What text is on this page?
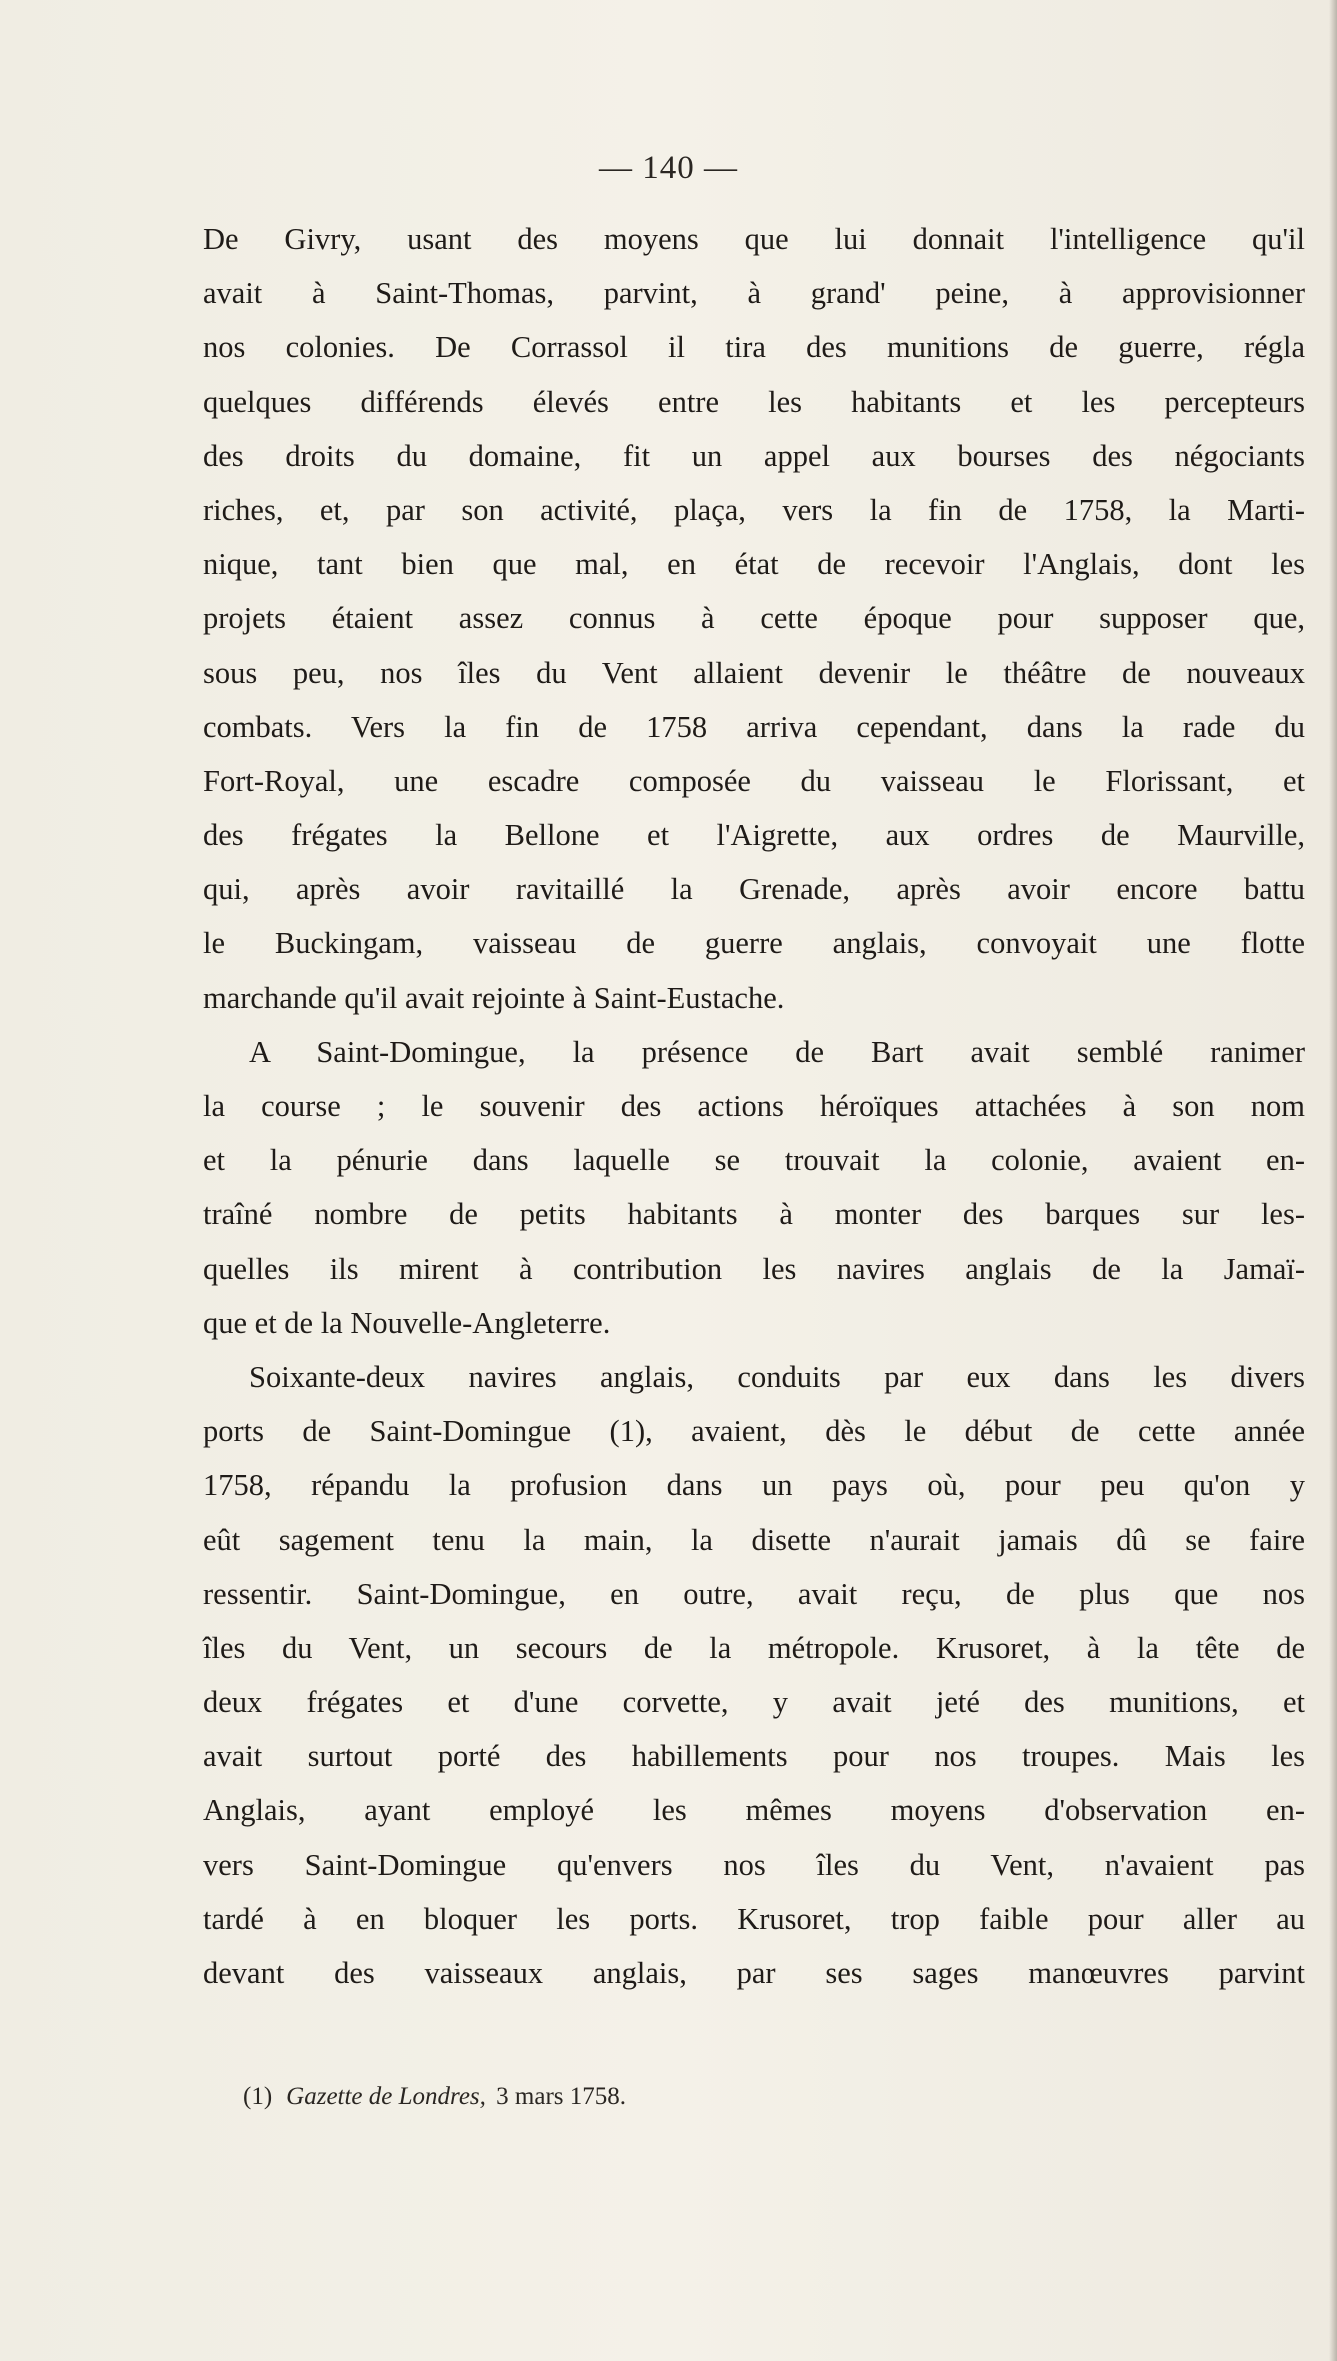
— 140 —
De Givry, usant des moyens que lui donnait l'intelligence qu'il
avait à Saint-Thomas, parvint, à grand' peine, à approvisionner
nos colonies. De Corrassol il tira des munitions de guerre, régla
quelques différends élevés entre les habitants et les percepteurs
des droits du domaine, fit un appel aux bourses des négociants
riches, et, par son activité, plaça, vers la fin de 1758, la Marti-
nique, tant bien que mal, en état de recevoir l'Anglais, dont les
projets étaient assez connus à cette époque pour supposer que,
sous peu, nos îles du Vent allaient devenir le théâtre de nouveaux
combats. Vers la fin de 1758 arriva cependant, dans la rade du
Fort-Royal, une escadre composée du vaisseau le Florissant, et
des frégates la Bellone et l'Aigrette, aux ordres de Maurville,
qui, après avoir ravitaillé la Grenade, après avoir encore battu
le Buckingam, vaisseau de guerre anglais, convoyait une flotte
marchande qu'il avait rejointe à Saint-Eustache.
A Saint-Domingue, la présence de Bart avait semblé ranimer
la course ; le souvenir des actions héroïques attachées à son nom
et la pénurie dans laquelle se trouvait la colonie, avaient en-
traîné nombre de petits habitants à monter des barques sur les-
quelles ils mirent à contribution les navires anglais de la Jamaï-
que et de la Nouvelle-Angleterre.
Soixante-deux navires anglais, conduits par eux dans les divers
ports de Saint-Domingue (1), avaient, dès le début de cette année
1758, répandu la profusion dans un pays où, pour peu qu'on y
eût sagement tenu la main, la disette n'aurait jamais dû se faire
ressentir. Saint-Domingue, en outre, avait reçu, de plus que nos
îles du Vent, un secours de la métropole. Krusoret, à la tête de
deux frégates et d'une corvette, y avait jeté des munitions, et
avait surtout porté des habillements pour nos troupes. Mais les
Anglais, ayant employé les mêmes moyens d'observation en-
vers Saint-Domingue qu'envers nos îles du Vent, n'avaient pas
tardé à en bloquer les ports. Krusoret, trop faible pour aller au
devant des vaisseaux anglais, par ses sages manœuvres parvint
(1) Gazette de Londres, 3 mars 1758.
